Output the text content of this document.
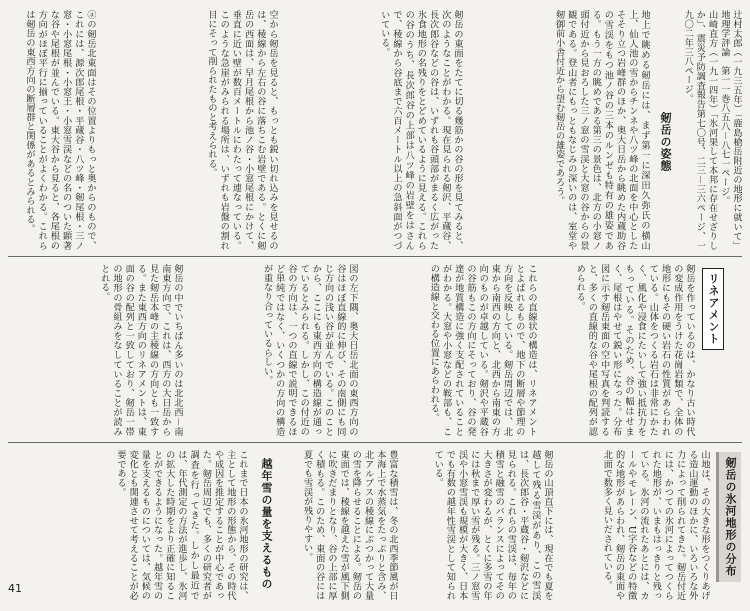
辻村太郎（一九三五年）「鹿島槍岳附近の地形に就いて」地理学評論　第一一巻八五八－八七一ページ。
山崎直方（一九一四年）「氷河果して本邦に存在せざりしか」、震災予防調査報告第七〇号、二三－三六ページ、一九〇二年三八ページ。
剱岳の姿態
地上で眺める剱岳には、まず第一に深田久弥氏の横山上、仙人池の雪からチンネや八ツ峰の北面を中心としたそそり立つ岩峰群のほか、奥大日岳から眺めた内蔵助谷の雪渓をもつ池ノ谷の三本のルンゼも特有の雄姿である。もう一方の眺めである第三の景色は、北方の小窓ノ頭付近から見おろした三ノ窓の雪渓と大窓の谷からの景観である。登山者にもっともなじみの深いのは、室堂や剱御前小舎付近から望む剱岳の雄姿であろう。
剱岳の東面をたてに切る幾筋かの谷の形を見てみると、次のようなことがわかる。現在見られる剱沢、平蔵谷、長次郎谷などの谷は、いずれも谷頭部がまるく広がった氷食地形の名残りをとどめているように見える。これらの谷のうち、長次郎谷の上部は八ツ峰の岩壁をはさんで、稜線から谷底まで六百メートル以上の急斜面がつづいている。
空から剱岳を見ると、もっとも鋭い切れ込みを見せるのは、稜線から左右の谷に落ちこむ岩壁である。とくに剱岳の西面は、早月尾根から池ノ谷・小窓尾根にかけて、垂直に近い壁が数百メートルにわたって連なっている。このような急崖がみられる場所は、いずれも岩盤の割れ目にそって削られたものと考えられる。
ⓐの剱岳北東面はその位置よりもっと奥からのもので、これには、源次郎尾根・平蔵谷・八ツ峰・剱尾根・三ノ窓・小窓尾根・小窓王・小窓雪渓などの名のついた顕著な谷や尾根が並んでいる。東大谷から見ると、各尾根の方向がほぼ平行に揃っていることがよくわかる。これらは剱岳の東西方向の断層群と関係があるとみられる。
リネアメント
剱岳を作っているのは、かなり古い時代の変成作用をうけた花崗岩類で、全体の地形にもその硬い岩石の性質があらわれている。山体をつくる岩石は非常にかたく、風化や浸食にたいして強い抵抗力をもっている。そのため、谷の幅はせまく、尾根はやせて鋭い形になった。分布図に示す剱岳東面の空中写真を判読すると、多くの直線的な谷や尾根の配列が認められる。
これらの直線状の構造は、リネアメントとよばれるもので、地下の断層や節理の方向を反映している。剱岳周辺では、北東から南西の方向と、北西から南東の方向のものが卓越している。剱沢や平蔵谷の谷筋もこの方向にそっており、谷の発達が地質構造に強く支配されていることがわかる。大窓や小窓などの鞍部も、この構造線と交わる位置にあらわれる。
図の左下隅、奥大日岳北面の東西方向の谷はほぼ直線的に伸び、その南側にも同じ方向の浅い谷が並んでいる。このことから、ここにも東西方向の構造線が通っているとみられる。しかし、この付近の谷の方向は、一つの直線で説明できるほど単純ではなく、いくつかの方向の構造が重なり合っているらしい。
剱岳の中でいちばん多いのは北北西－南南東方向で、これは、西方の大日岳から見た剱岳本峰の主稜線の方向とも一致する。また東西方向のリネアメントは、東面の谷の配列と一致しており、剱岳一帯の地形の骨組みをなしていることが読みとれる。
剱岳の氷河地形の分布
山地は、その大きな形をつくりあげる造山運動のほかに、いろいろな外力によって削られてきた。剱岳付近には、かつての氷河によってつくられた地形が、いまもはっきりと残っている。氷河の流れたあとには、カールやモレーン、U字谷などの特徴的な地形があらわれ、剱岳の東面や北面で数多く見いだされている。
剱岳の山頂直下には、現在でも夏を越して残る雪渓があり、この雪渓は、長次郎谷・平蔵谷・剱沢などに見られる。これらの雪渓は、毎年の積雪と融雪のバランスによってその大きさが変わるが、とくに多雪の年には秋まで厚い雪が残る。三ノ窓雪渓や小窓雪渓も規模が大きく、日本でも有数の越年性雪渓として知られている。
豊富な積雪は、冬の北西季節風が日本海上で水蒸気をたっぷりと含み、北アルプスの稜線にぶつかって大量の雪を降らせることによる。剱岳の東面では、稜線を越えた雪が風下側に吹きだまりとなり、谷の上部に厚く積もる。このため、東面の谷には夏でも雪渓が残りやすい。
越年雪の量を支えるもの
これまで日本の氷河地形の研究は、主として地形の形態から、その時代や成因を推定することが中心であった。剱岳周辺でも、多くの研究者が調査を行ってきた。しかし最近では、年代測定の方法が進歩し、氷河の拡大した時期をより正確に知ることができるようになった。越年雪の量を支えるものについては、気候の変化とも関連させて考えることが必要である。
41
